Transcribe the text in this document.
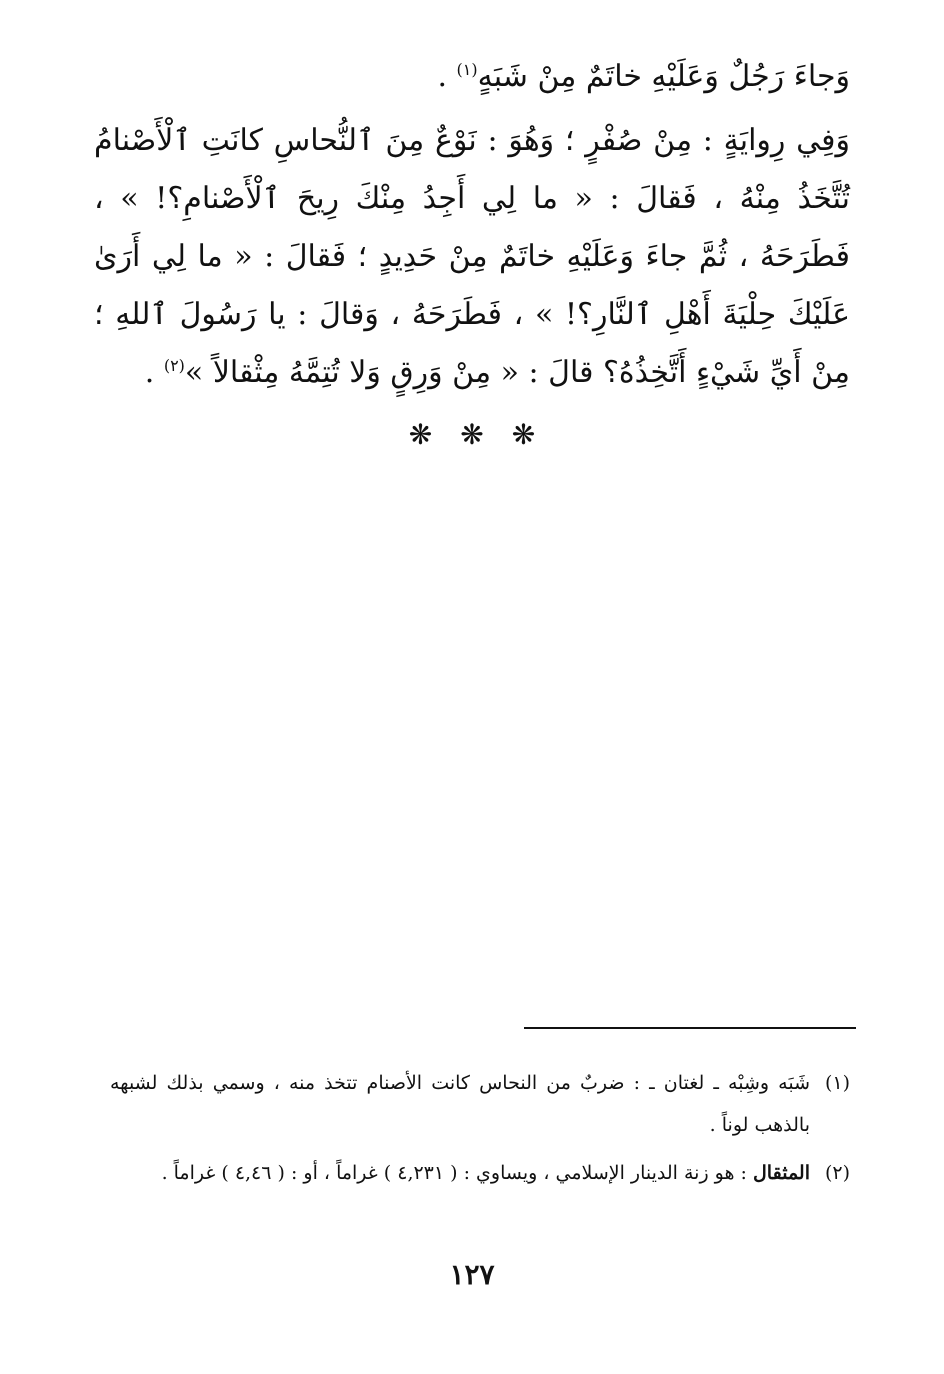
وَجاءَ رَجُلٌ وَعَلَيْهِ خاتَمٌ مِنْ شَبَهٍ$^{(١)}$ .

وَفِي رِوايَةٍ : مِنْ صُفْرٍ ؛ وَهُوَ : نَوْعٌ مِنَ ٱلنُّحاسِ كانَتِ ٱلْأَصْنامُ تُتَّخَذُ مِنْهُ ، فَقالَ : « ما لِي أَجِدُ مِنْكَ رِيحَ ٱلْأَصْنامِ؟! » ، فَطَرَحَهُ ، ثُمَّ جاءَ وَعَلَيْهِ خاتَمٌ مِنْ حَدِيدٍ ؛ فَقالَ : « ما لِي أَرَىٰ عَلَيْكَ حِلْيَةَ أَهْلِ ٱلنَّارِ؟! » ، فَطَرَحَهُ ، وَقالَ : يا رَسُولَ ٱللهِ ؛ مِنْ أَيِّ شَيْءٍ أَتَّخِذُهُ؟ قالَ : « مِنْ وَرِقٍ وَلا تُتِمَّهُ مِثْقالاً »$^{(٢)}$ .

❋ ❋ ❋
(١)
شَبَه وشِبْه ـ لغتان ـ : ضربٌ من النحاس كانت الأصنام تتخذ منه ، وسمي بذلك لشبهه بالذهب لوناً .
(٢)
المثقال : هو زنة الدينار الإسلامي ، ويساوي : ( ٤,٢٣١ ) غراماً ، أو : ( ٤,٤٦ ) غراماً .
١٢٧
